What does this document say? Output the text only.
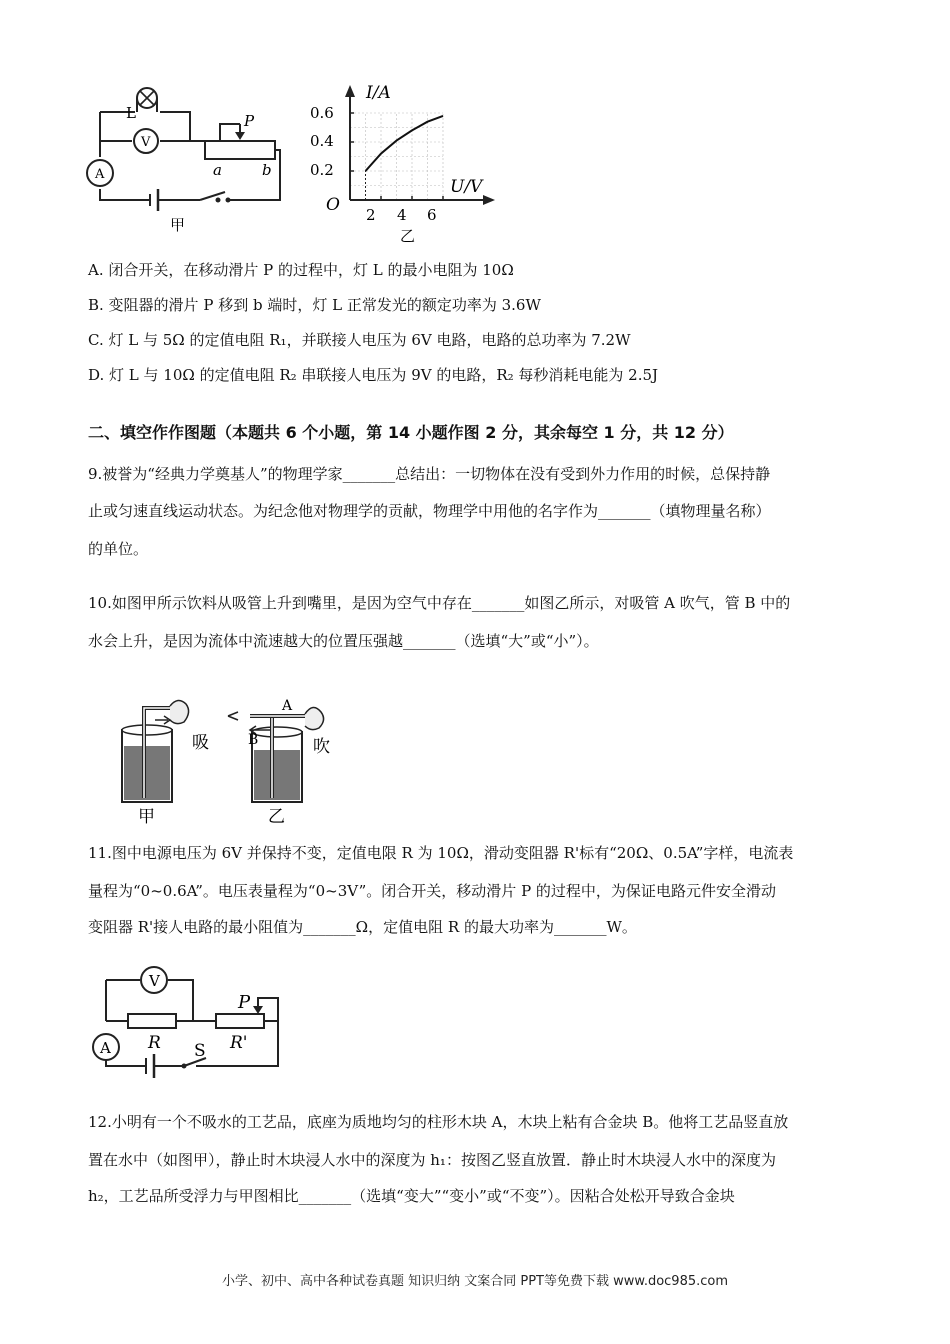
L
V
A
P
a	b
甲
I/A
U/V
O
0.6
0.4
0.2
2 4 6
乙
A. 闭合开关，在移动滑片 P 的过程中，灯 L 的最小电阻为 10Ω
B. 变阻器的滑片 P 移到 b 端时，灯 L 正常发光的额定功率为 3.6W
C. 灯 L 与 5Ω 的定值电阻 R₁，并联接人电压为 6V 电路，电路的总功率为 7.2W
D. 灯 L 与 10Ω 的定值电阻 R₂ 串联接人电压为 9V 的电路，R₂ 每秒消耗电能为 2.5J
二、填空作作图题（本题共 6 个小题，第 14 小题作图 2 分，其余每空 1 分，共 12 分）
9.被誉为“经典力学奠基人”的物理学家_______总结出：一切物体在没有受到外力作用的时候，总保持静
止或匀速直线运动状态。为纪念他对物理学的贡献，物理学中用他的名字作为_______（填物理量名称）
的单位。
10.如图甲所示饮料从吸管上升到嘴里，是因为空气中存在_______如图乙所示，对吸管 A 吹气，管 B 中的
水会上升，是因为流体中流速越大的位置压强越_______（选填“大”或“小”）。
吸	吹
A
B
甲	乙
11.图中电源电压为 6V 并保持不变，定值电限 R 为 10Ω，滑动变阻器 R'标有“20Ω、0.5A”字样，电流表
量程为“0~0.6A”。电压表量程为“0~3V”。闭合开关，移动滑片 P 的过程中，为保证电路元件安全滑动
变阻器 R'接人电路的最小阻值为_______Ω，定值电阻 R 的最大功率为_______W。
V
A
P
R	R'
S
12.小明有一个不吸水的工艺品，底座为质地均匀的柱形木块 A，木块上粘有合金块 B。他将工艺品竖直放
置在水中（如图甲），静止时木块浸人水中的深度为 h₁：按图乙竖直放置．静止时木块浸人水中的深度为
h₂，工艺品所受浮力与甲图相比_______（选填“变大”“变小”或“不变”）。因粘合处松开导致合金块
小学、初中、高中各种试卷真题 知识归纳 文案合同 PPT等免费下载 www.doc985.com
